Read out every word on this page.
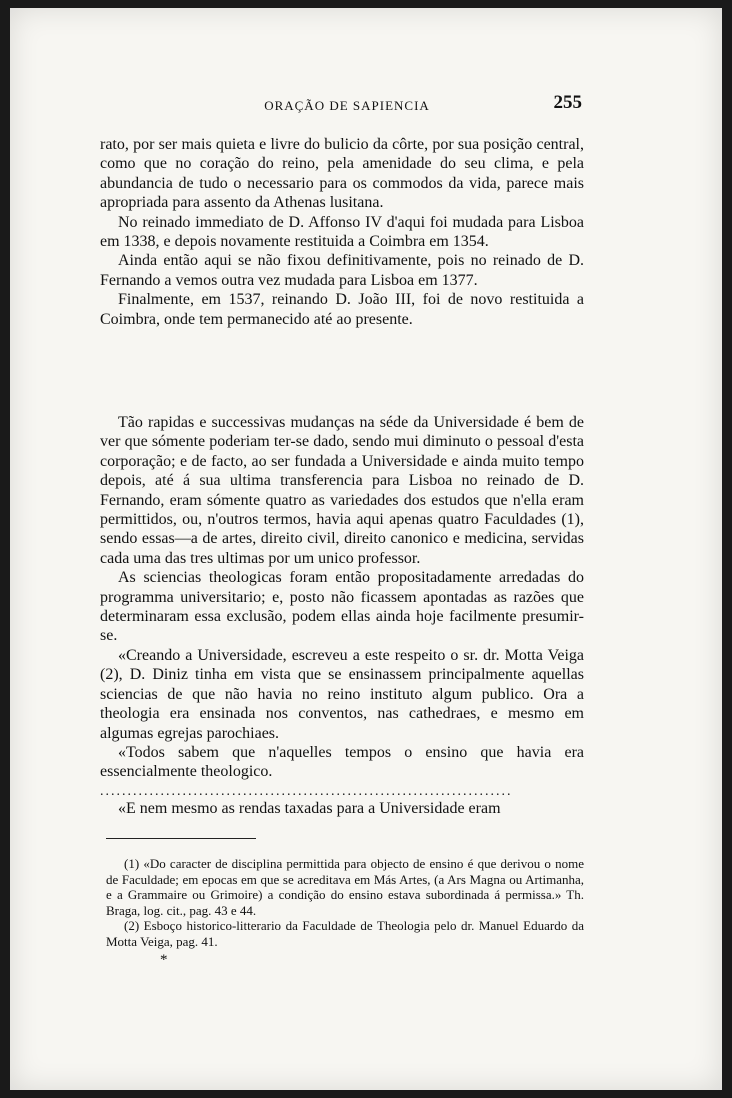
ORAÇÃO DE SAPIENCIA	255

rato, por ser mais quieta e livre do bulicio da côrte, por sua posição central, como que no coração do reino, pela amenidade do seu clima, e pela abundancia de tudo o necessario para os commodos da vida, parece mais apropriada para assento da Athenas lusitana.

No reinado immediato de D. Affonso IV d'aqui foi mudada para Lisboa em 1338, e depois novamente restituida a Coimbra em 1354.

Ainda então aqui se não fixou definitivamente, pois no reinado de D. Fernando a vemos outra vez mudada para Lisboa em 1377.

Finalmente, em 1537, reinando D. João III, foi de novo restituida a Coimbra, onde tem permanecido até ao presente.

Tão rapidas e successivas mudanças na séde da Universidade é bem de ver que sómente poderiam ter-se dado, sendo mui diminuto o pessoal d'esta corporação; e de facto, ao ser fundada a Universidade e ainda muito tempo depois, até á sua ultima transferencia para Lisboa no reinado de D. Fernando, eram sómente quatro as variedades dos estudos que n'ella eram permittidos, ou, n'outros termos, havia aqui apenas quatro Faculdades (1), sendo essas—a de artes, direito civil, direito canonico e medicina, servidas cada uma das tres ultimas por um unico professor.

As sciencias theologicas foram então propositadamente arredadas do programma universitario; e, posto não ficassem apontadas as razões que determinaram essa exclusão, podem ellas ainda hoje facilmente presumir-se.

«Creando a Universidade, escreveu a este respeito o sr. dr. Motta Veiga (2), D. Diniz tinha em vista que se ensinassem principalmente aquellas sciencias de que não havia no reino instituto algum publico. Ora a theologia era ensinada nos conventos, nas cathedraes, e mesmo em algumas egrejas parochiaes.

«Todos sabem que n'aquelles tempos o ensino que havia era essencialmente theologico.

...........................................................................

«E nem mesmo as rendas taxadas para a Universidade eram

(1) «Do caracter de disciplina permittida para objecto de ensino é que derivou o nome de Faculdade; em epocas em que se acreditava em Más Artes, (a Ars Magna ou Artimanha, e a Grammaire ou Grimoire) a condição do ensino estava subordinada á permissa.» Th. Braga, log. cit., pag. 43 e 44.

(2) Esboço historico-litterario da Faculdade de Theologia pelo dr. Manuel Eduardo da Motta Veiga, pag. 41.

*
